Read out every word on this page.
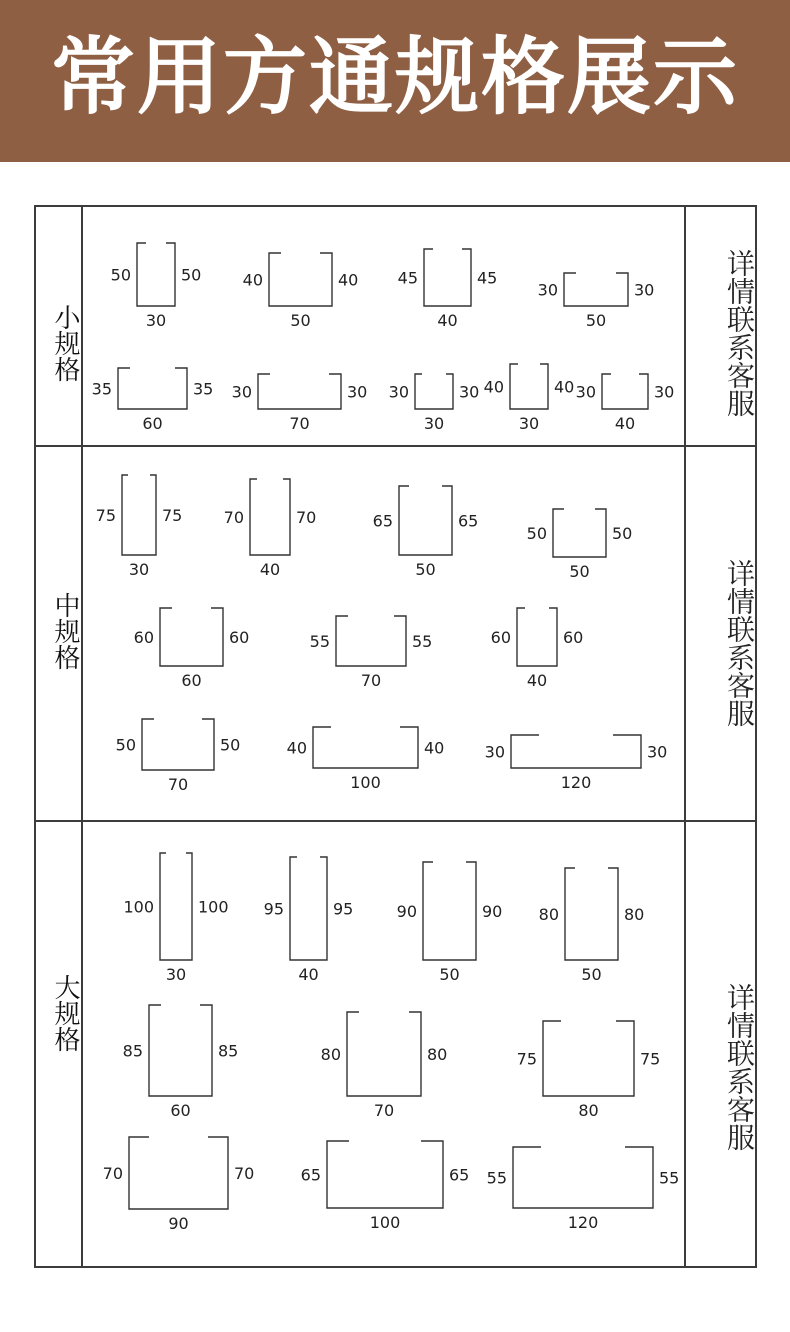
常用方通规格展示
小规格
中规格
大规格
详情联系客服
详情联系客服
详情联系客服
50	50
30
40	40
50
45	45
40
30	30
50
35	35
60
30	30
70
30	30
30
40	40
30
30	30
40
75	75
30
70	70
40
65	65
50
50	50
50
60	60
60
55	55
70
60	60
40
50	50
70
40	40
100
30	30
120
100	100
30
95	95
40
90	90
50
80	80
50
85	85
60
80	80
70
75	75
80
70	70
90
65	65
100
55	55
120
